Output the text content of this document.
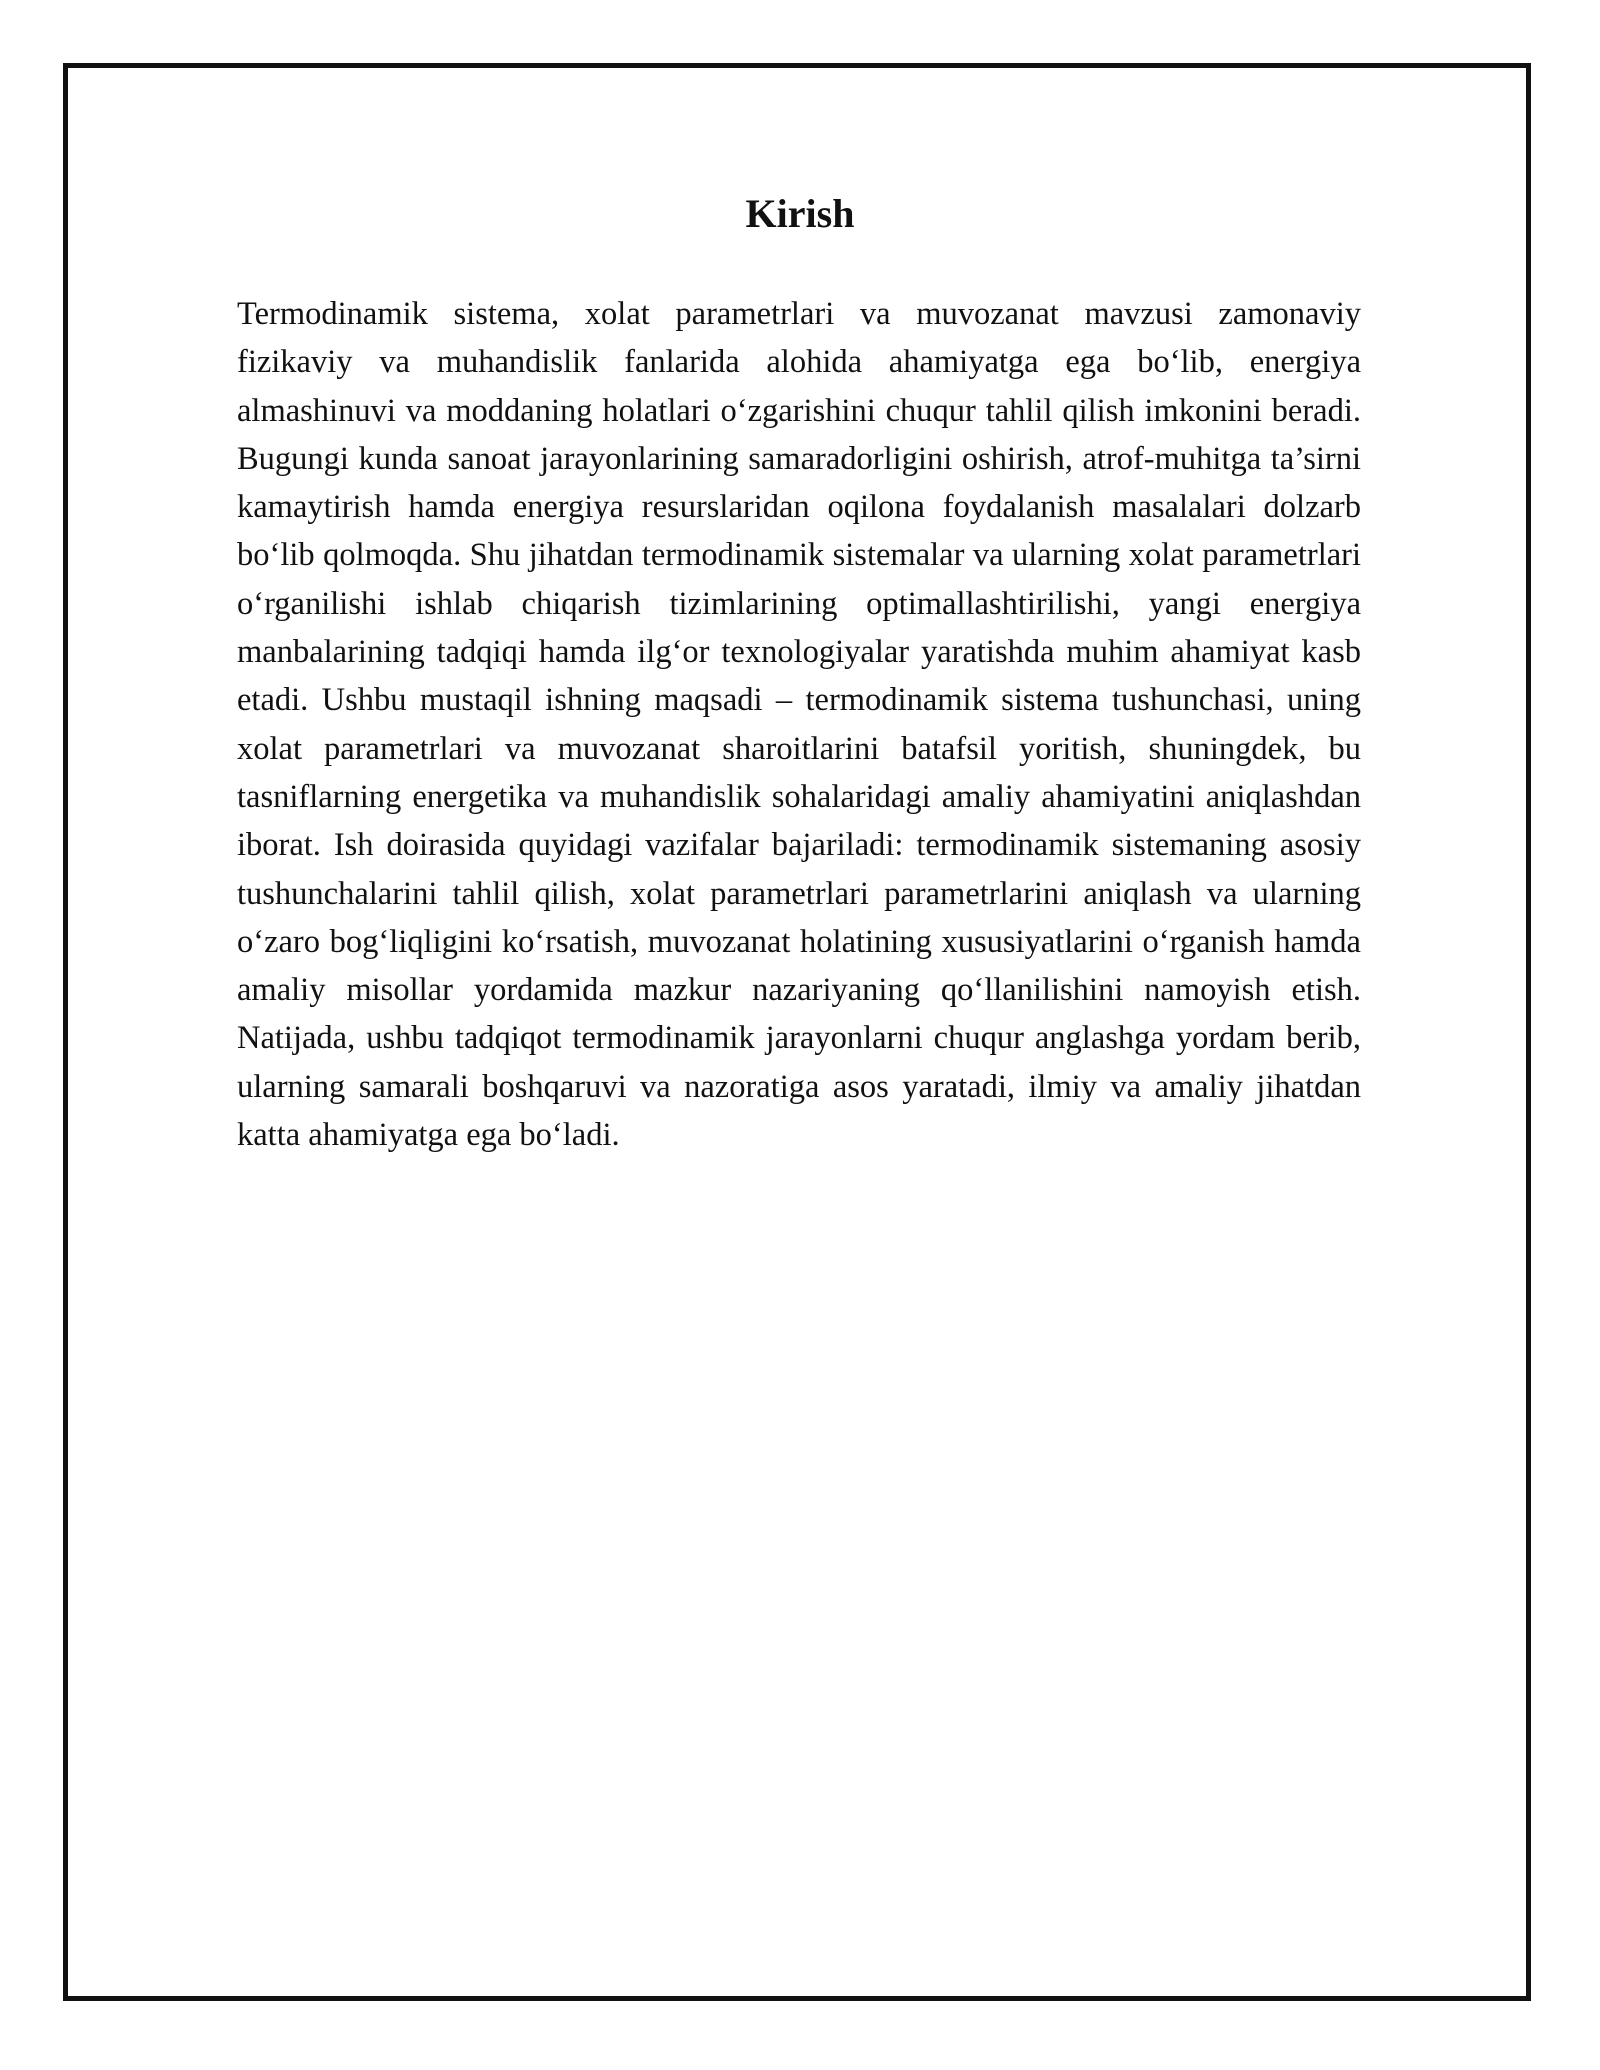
Kirish

Termodinamik sistema, xolat parametrlari va muvozanat mavzusi zamonaviy fizikaviy va muhandislik fanlarida alohida ahamiyatga ega bo‘lib, energiya almashinuvi va moddaning holatlari o‘zgarishini chuqur tahlil qilish imkonini beradi. Bugungi kunda sanoat jarayonlarining samaradorligini oshirish, atrof-muhitga ta’sirni kamaytirish hamda energiya resurslaridan oqilona foydalanish masalalari dolzarb bo‘lib qolmoqda. Shu jihatdan termodinamik sistemalar va ularning xolat parametrlari o‘rganilishi ishlab chiqarish tizimlarining optimallashtirilishi, yangi energiya manbalarining tadqiqi hamda ilg‘or texnologiyalar yaratishda muhim ahamiyat kasb etadi. Ushbu mustaqil ishning maqsadi – termodinamik sistema tushunchasi, uning xolat parametrlari va muvozanat sharoitlarini batafsil yoritish, shuningdek, bu tasniflarning energetika va muhandislik sohalaridagi amaliy ahamiyatini aniqlashdan iborat. Ish doirasida quyidagi vazifalar bajariladi: termodinamik sistemaning asosiy tushunchalarini tahlil qilish, xolat parametrlari parametrlarini aniqlash va ularning o‘zaro bog‘liqligini ko‘rsatish, muvozanat holatining xususiyatlarini o‘rganish hamda amaliy misollar yordamida mazkur nazariyaning qo‘llanilishini namoyish etish. Natijada, ushbu tadqiqot termodinamik jarayonlarni chuqur anglashga yordam berib, ularning samarali boshqaruvi va nazoratiga asos yaratadi, ilmiy va amaliy jihatdan katta ahamiyatga ega bo‘ladi.
